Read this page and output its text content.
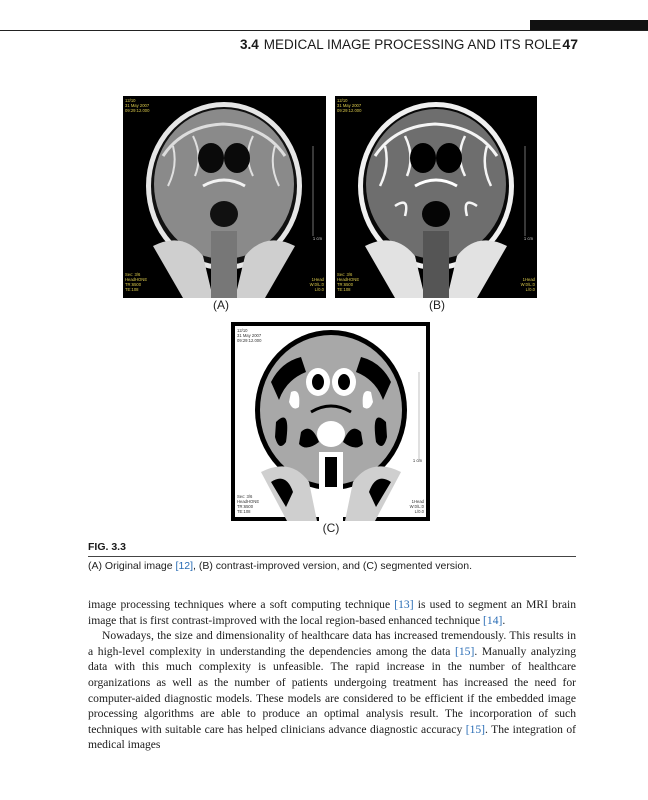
3.4 MEDICAL IMAGE PROCESSING AND ITS ROLE 47
12/10
31 May 2007
09:29:12.000
Sec: 3/6
HeadHONE
TR:6500
TE:108
1Head
W:0/L:0
L/0.0
1 cm
(A)
12/10
31 May 2007
09:29:12.000
Sec: 3/6
HeadHONE
TR:6500
TE:108
1Head
W:0/L:0
L/0.0
1 cm
(B)
12/10
31 May 2007
09:29:12.000
Sec: 3/6
HeadHONE
TR:6500
TE:108
1Head
W:0/L:0
L/0.0
1 cm
(C)
FIG. 3.3
(A) Original image [12], (B) contrast-improved version, and (C) segmented version.

image processing techniques where a soft computing technique [13] is used to segment an MRI brain image that is first contrast-improved with the local region-based enhanced technique [14].

Nowadays, the size and dimensionality of healthcare data has increased tremendously. This results in a high-level complexity in understanding the dependencies among the data [15]. Manually analyzing data with this much complexity is unfeasible. The rapid increase in the number of healthcare organizations as well as the number of patients undergoing treatment has increased the need for computer-aided diagnostic models. These models are considered to be efficient if the embedded image processing algorithms are able to produce an optimal analysis result. The incorporation of such techniques with suitable care has helped clinicians advance diagnostic accuracy [15]. The integration of medical images
